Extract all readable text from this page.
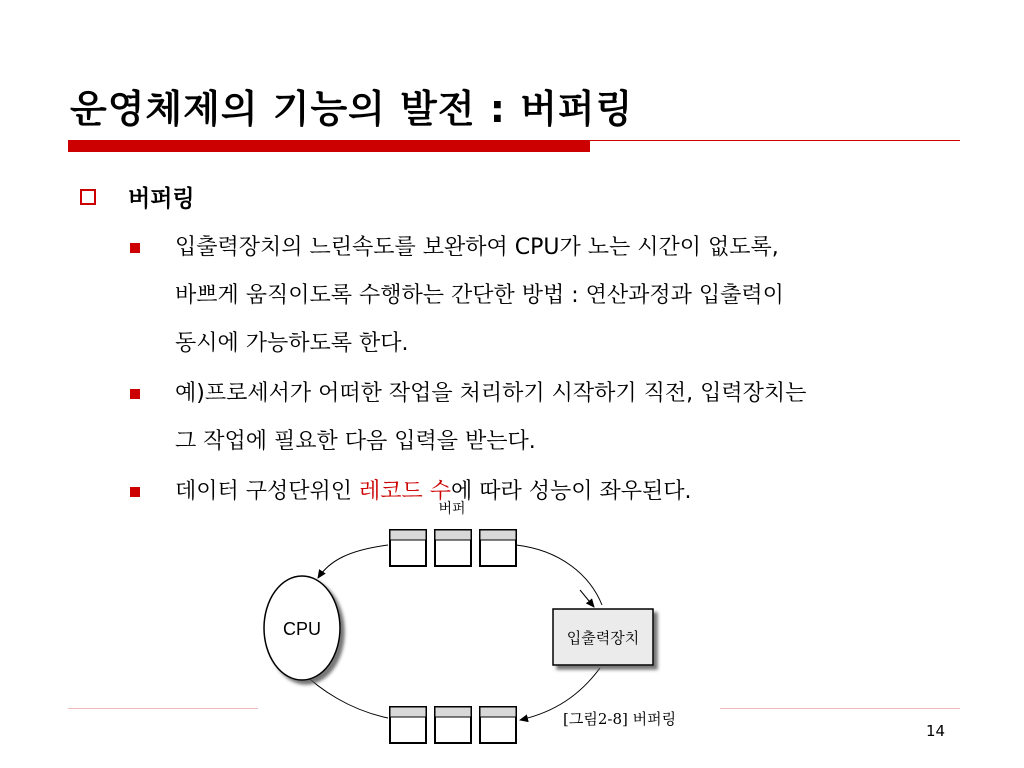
운영체제의 기능의 발전 : 버퍼링
버퍼링
입출력장치의 느린속도를 보완하여 CPU가 노는 시간이 없도록,
바쁘게 움직이도록 수행하는 간단한 방법 : 연산과정과 입출력이
동시에 가능하도록 한다.
예)프로세서가 어떠한 작업을 처리하기 시작하기 직전, 입력장치는
그 작업에 필요한 다음 입력을 받는다.
데이터 구성단위인 레코드 수에 따라 성능이 좌우된다.
버퍼
CPU	입출력장치
[그림2-8] 버퍼링
14
